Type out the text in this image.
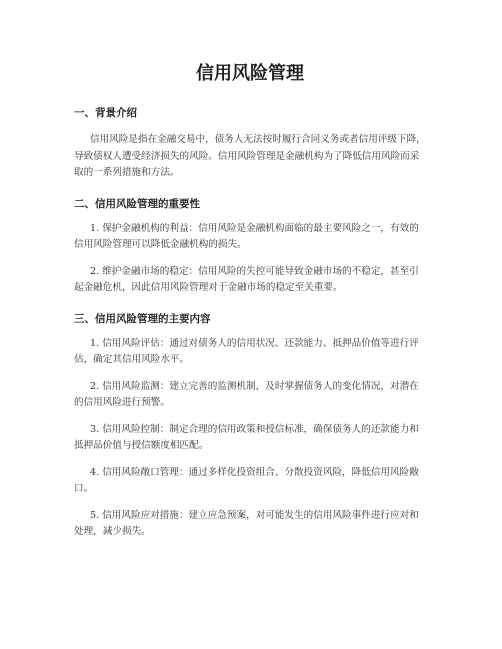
信用风险管理
一、背景介绍

信用风险是指在金融交易中，债务人无法按时履行合同义务或者信用评级下降，导致债权人遭受经济损失的风险。信用风险管理是金融机构为了降低信用风险而采取的一系列措施和方法。

二、信用风险管理的重要性

1. 保护金融机构的利益：信用风险是金融机构面临的最主要风险之一，有效的信用风险管理可以降低金融机构的损失。

2. 维护金融市场的稳定：信用风险的失控可能导致金融市场的不稳定，甚至引起金融危机，因此信用风险管理对于金融市场的稳定至关重要。

三、信用风险管理的主要内容

1. 信用风险评估：通过对债务人的信用状况、还款能力、抵押品价值等进行评估，确定其信用风险水平。

2. 信用风险监测：建立完善的监测机制，及时掌握债务人的变化情况，对潜在的信用风险进行预警。

3. 信用风险控制：制定合理的信用政策和授信标准，确保债务人的还款能力和抵押品价值与授信额度相匹配。

4. 信用风险敞口管理：通过多样化投资组合、分散投资风险，降低信用风险敞口。

5. 信用风险应对措施：建立应急预案，对可能发生的信用风险事件进行应对和处理，减少损失。
